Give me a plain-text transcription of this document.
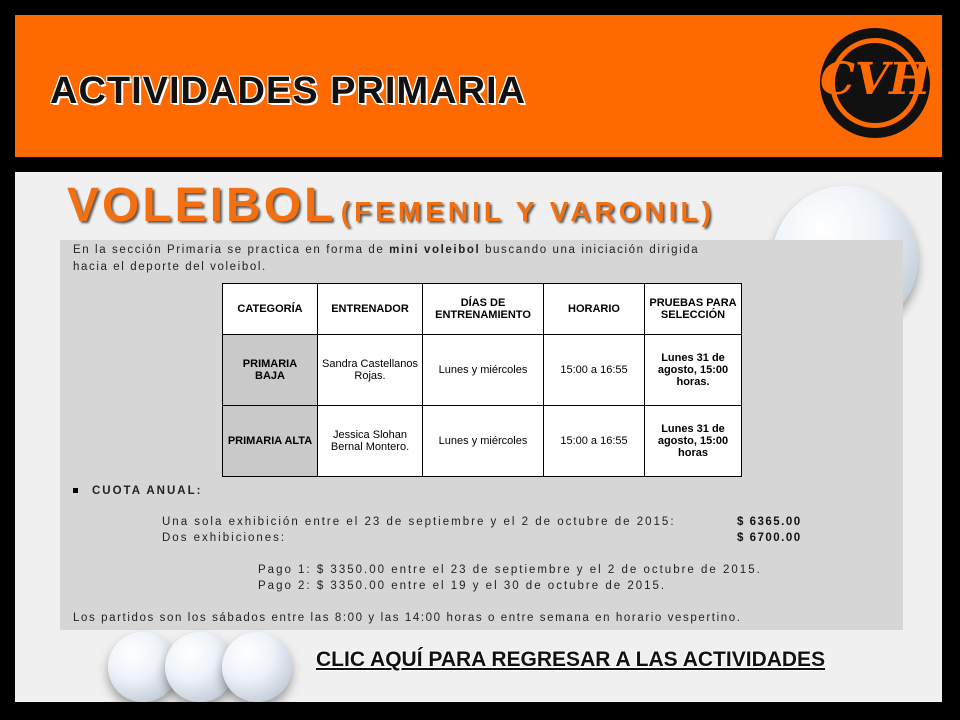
ACTIVIDADES PRIMARIA	CVH
VOLEIBOL (FEMENIL Y VARONIL)
En la sección Primaria se practica en forma de mini voleibol buscando una iniciación dirigida hacia el deporte del voleibol.
CATEGORÍA	ENTRENADOR	DÍAS DE ENTRENAMIENTO	HORARIO	PRUEBAS PARA SELECCIÓN
PRIMARIA BAJA	Sandra Castellanos Rojas.	Lunes y miércoles	15:00 a 16:55	Lunes 31 de agosto, 15:00 horas.
PRIMARIA ALTA	Jessica Slohan Bernal Montero.	Lunes y miércoles	15:00 a 16:55	Lunes 31 de agosto, 15:00 horas
CUOTA ANUAL:
Una sola exhibición entre el 23 de septiembre y el 2 de octubre de 2015:	$ 6365.00
Dos exhibiciones:	$ 6700.00
Pago 1: $ 3350.00 entre el 23 de septiembre y el 2 de octubre de 2015.
Pago 2: $ 3350.00 entre el 19 y el 30 de octubre de 2015.
Los partidos son los sábados entre las 8:00 y las 14:00 horas o entre semana en horario vespertino.
CLIC AQUÍ PARA REGRESAR A LAS ACTIVIDADES
